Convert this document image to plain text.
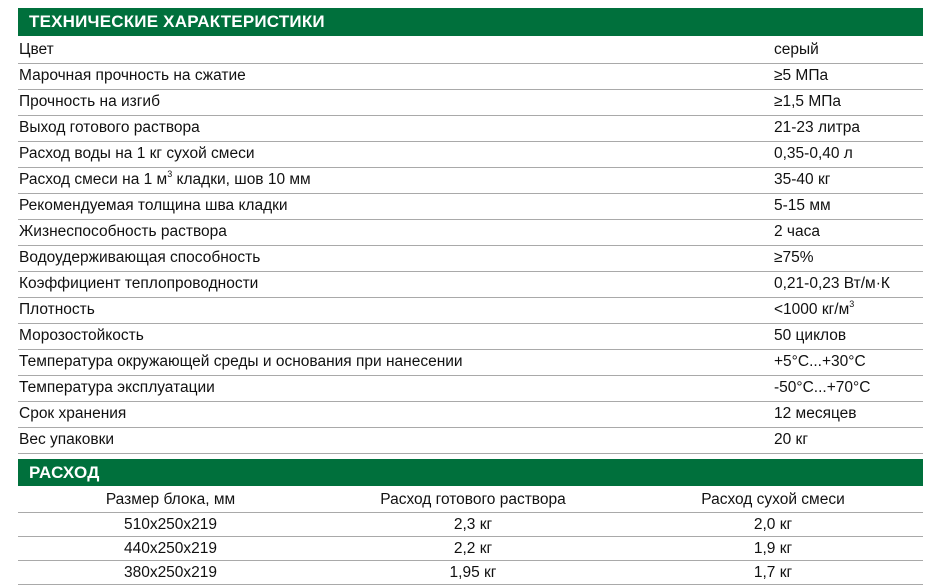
ТЕХНИЧЕСКИЕ ХАРАКТЕРИСТИКИ
Цвет	серый
Марочная прочность на сжатие	≥5 МПа
Прочность на изгиб	≥1,5 МПа
Выход готового раствора	21-23 литра
Расход воды на 1 кг сухой смеси	0,35-0,40 л
Расход смеси на 1 $м^3$ кладки, шов 10 мм	35-40 кг
Рекомендуемая толщина шва кладки	5-15 мм
Жизнеспособность раствора	2 часа
Водоудерживающая способность	≥75%
Коэффициент теплопроводности	0,21-0,23 Вт/м·К
Плотность	<1000 $кг/м^3$
Морозостойкость	50 циклов
Температура окружающей среды и основания при нанесении	+5°С...+30°С
Температура эксплуатации	-50°С...+70°С
Срок хранения	12 месяцев
Вес упаковки	20 кг
РАСХОД
Размер блока, мм	Расход готового раствора	Расход сухой смеси
510х250х219	2,3 кг	2,0 кг
440х250х219	2,2 кг	1,9 кг
380х250х219	1,95 кг	1,7 кг
